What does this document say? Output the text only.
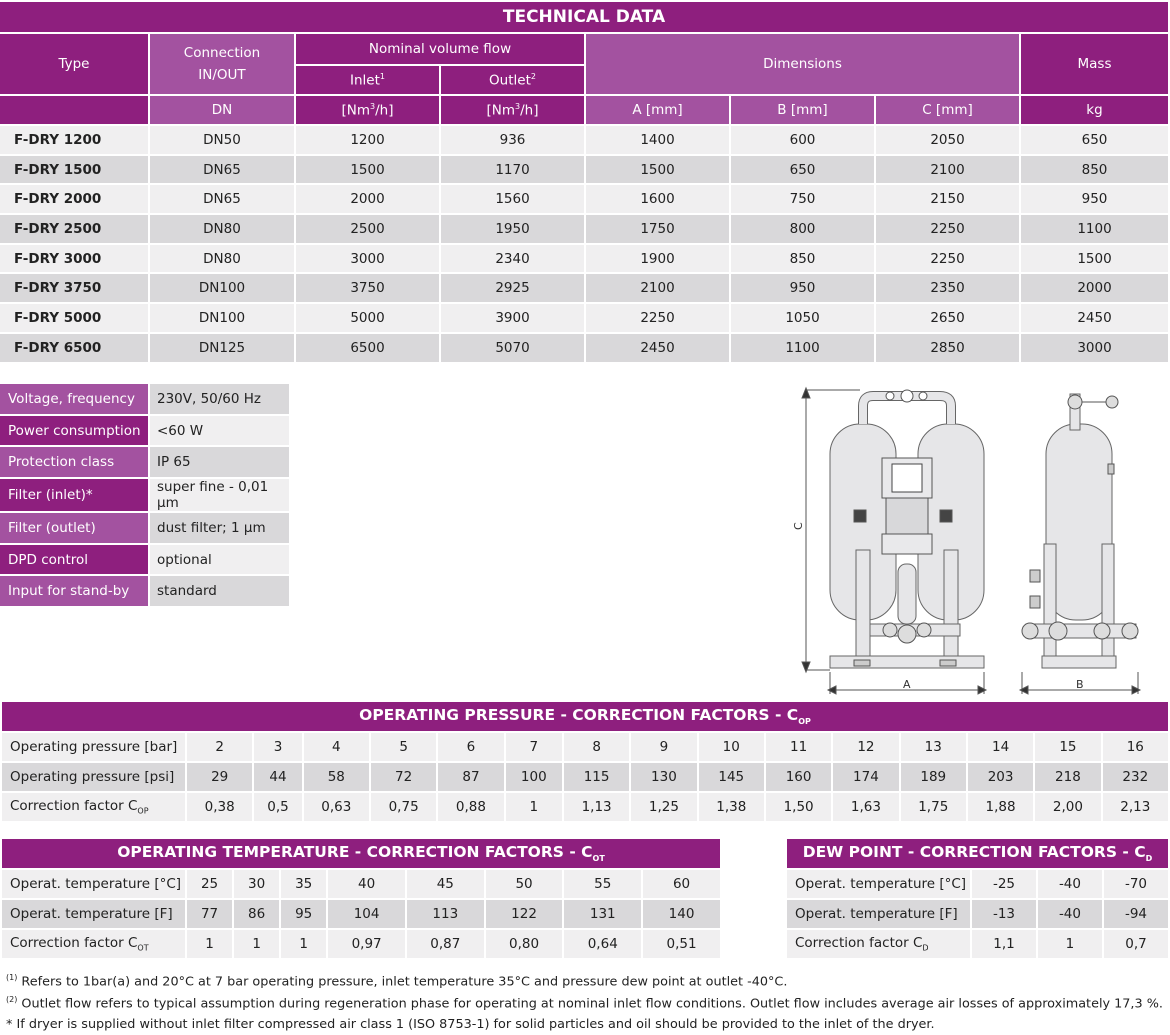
TECHNICAL DATA							
Type	Connection IN/OUT	Nominal volume flow		Dimensions			Mass
		Inlet$^1$	Outlet$^2$
	DN	[Nm$^3$/h]	[Nm$^3$/h]	A [mm]	B [mm]	C [mm]	kg
F-DRY 1200	DN50	1200	936	1400	600	2050	650
F-DRY 1500	DN65	1500	1170	1500	650	2100	850
F-DRY 2000	DN65	2000	1560	1600	750	2150	950
F-DRY 2500	DN80	2500	1950	1750	800	2250	1100
F-DRY 3000	DN80	3000	2340	1900	850	2250	1500
F-DRY 3750	DN100	3750	2925	2100	950	2350	2000
F-DRY 5000	DN100	5000	3900	2250	1050	2650	2450
F-DRY 6500	DN125	6500	5070	2450	1100	2850	3000
Voltage, frequency	230V, 50/60 Hz
Power consumption	<60 W
Protection class	IP 65
Filter (inlet)*	super fine - 0,01 µm
Filter (outlet)	dust filter; 1 µm
DPD control	optional
Input for stand-by	standard
C
A	B
OPERATING PRESSURE - CORRECTION FACTORS - $C_{OP}$
Operating pressure [bar]	2	3	4	5	6	7	8	9	10	11	12	13	14	15	16
Operating pressure [psi]	29	44	58	72	87	100	115	130	145	160	174	189	203	218	232
Correction factor $C_{OP}$	0,38	0,5	0,63	0,75	0,88	1	1,13	1,25	1,38	1,50	1,63	1,75	1,88	2,00	2,13
OPERATING TEMPERATURE - CORRECTION FACTORS - $C_{OT}$
Operat. temperature [°C]	25	30	35	40	45	50	55	60
Operat. temperature [F]	77	86	95	104	113	122	131	140
Correction factor $C_{OT}$	1	1	1	0,97	0,87	0,80	0,64	0,51
DEW POINT - CORRECTION FACTORS - $C_D$
Operat. temperature [°C]	-25	-40	-70
Operat. temperature [F]	-13	-40	-94
Correction factor $C_D$	1,1	1	0,7
$^{(1)}$ Refers to 1bar(a) and 20°C at 7 bar operating pressure, inlet temperature 35°C and pressure dew point at outlet -40°C.
$^{(2)}$ Outlet flow refers to typical assumption during regeneration phase for operating at nominal inlet flow conditions. Outlet flow includes average air losses of approximately 17,3 %.
* If dryer is supplied without inlet filter compressed air class 1 (ISO 8753-1) for solid particles and oil should be provided to the inlet of the dryer.
